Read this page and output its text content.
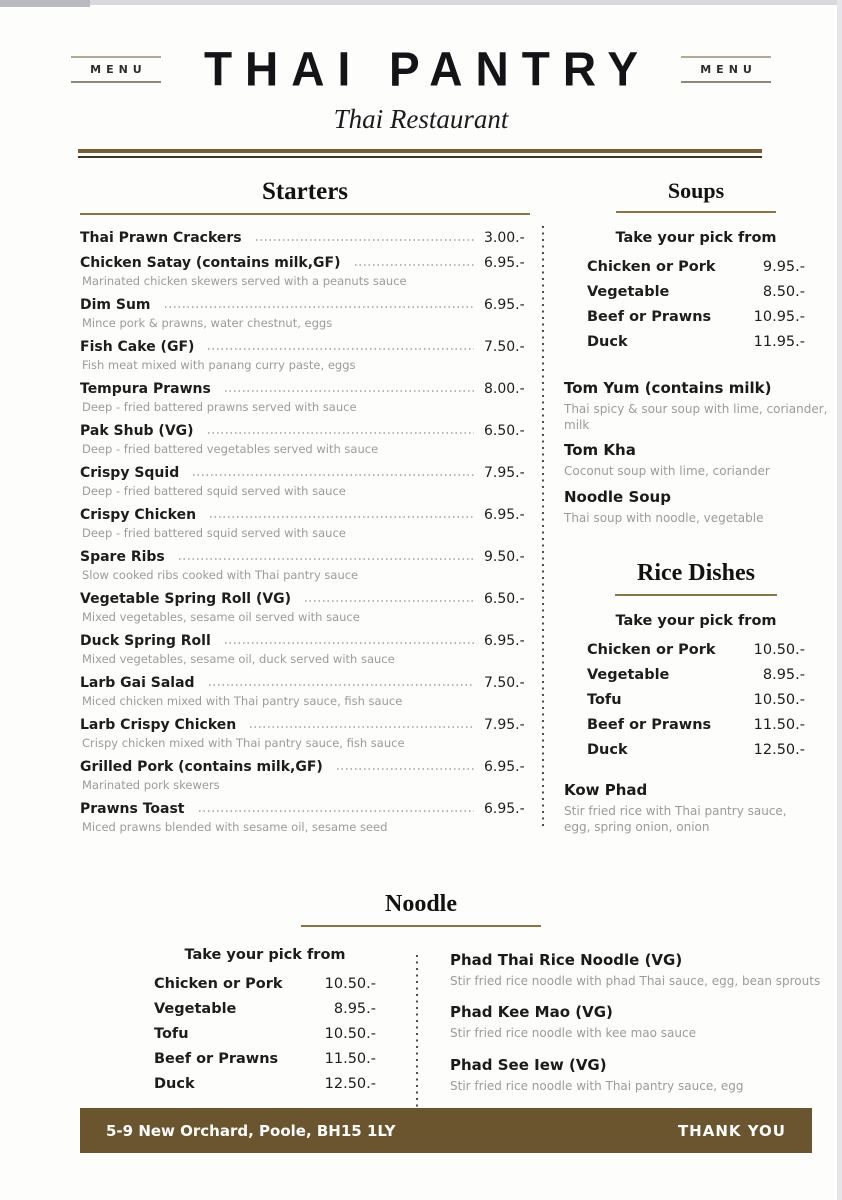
MENU THAI PANTRY	MENU
Thai Restaurant
Starters
Thai Prawn Crackers	3.00.-
Chicken Satay (contains milk,GF)	6.95.-
Marinated chicken skewers served with a peanuts sauce
Dim Sum	6.95.-
Mince pork & prawns, water chestnut, eggs
Fish Cake (GF)	7.50.-
Fish meat mixed with panang curry paste, eggs
Tempura Prawns	8.00.-
Deep - fried battered prawns served with sauce
Pak Shub (VG)	6.50.-
Deep - fried battered vegetables served with sauce
Crispy Squid	7.95.-
Deep - fried battered squid served with sauce
Crispy Chicken	6.95.-
Deep - fried battered squid served with sauce
Spare Ribs	9.50.-
Slow cooked ribs cooked with Thai pantry sauce
Vegetable Spring Roll (VG)	6.50.-
Mixed vegetables, sesame oil served with sauce
Duck Spring Roll	6.95.-
Mixed vegetables, sesame oil, duck served with sauce
Larb Gai Salad	7.50.-
Miced chicken mixed with Thai pantry sauce, fish sauce
Larb Crispy Chicken	7.95.-
Crispy chicken mixed with Thai pantry sauce, fish sauce
Grilled Pork (contains milk,GF)	6.95.-
Marinated pork skewers
Prawns Toast	6.95.-
Miced prawns blended with sesame oil, sesame seed
Soups
Take your pick from
Chicken or Pork	9.95.-
Vegetable	8.50.-
Beef or Prawns	10.95.-
Duck	11.95.-
Tom Yum (contains milk)
Thai spicy & sour soup with lime, coriander, milk
Tom Kha
Coconut soup with lime, coriander
Noodle Soup
Thai soup with noodle, vegetable
Rice Dishes
Take your pick from
Chicken or Pork	10.50.-
Vegetable	8.95.-
Tofu	10.50.-
Beef or Prawns	11.50.-
Duck	12.50.-
Kow Phad
Stir fried rice with Thai pantry sauce, egg, spring onion, onion
Noodle
Take your pick from
Chicken or Pork	10.50.-
Vegetable	8.95.-
Tofu	10.50.-
Beef or Prawns	11.50.-
Duck	12.50.-
Phad Thai Rice Noodle (VG)
Stir fried rice noodle with phad Thai sauce, egg, bean sprouts
Phad Kee Mao (VG)
Stir fried rice noodle with kee mao sauce
Phad See Iew (VG)
Stir fried rice noodle with Thai pantry sauce, egg
5-9 New Orchard, Poole, BH15 1LY	THANK YOU
